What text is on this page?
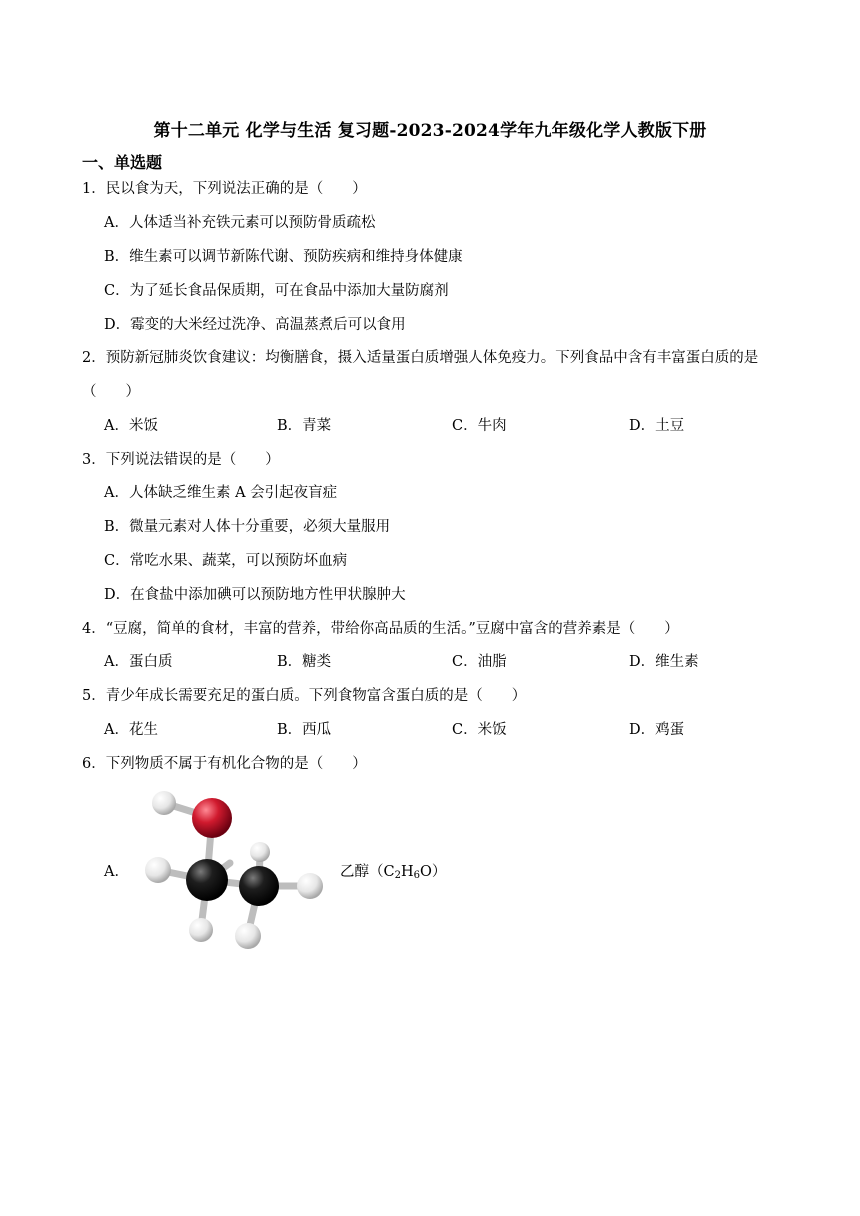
第十二单元 化学与生活 复习题-2023-2024学年九年级化学人教版下册
一、单选题
1．民以食为天，下列说法正确的是（　　）
A．人体适当补充铁元素可以预防骨质疏松
B．维生素可以调节新陈代谢、预防疾病和维持身体健康
C．为了延长食品保质期，可在食品中添加大量防腐剂
D．霉变的大米经过洗净、高温蒸煮后可以食用
2．预防新冠肺炎饮食建议：均衡膳食，摄入适量蛋白质增强人体免疫力。下列食品中含有丰富蛋白质的是（　　）
A．米饭	B．青菜	C．牛肉	D．土豆
3．下列说法错误的是（　　）
A．人体缺乏维生素 A 会引起夜盲症
B．微量元素对人体十分重要，必须大量服用
C．常吃水果、蔬菜，可以预防坏血病
D．在食盐中添加碘可以预防地方性甲状腺肿大
4．“豆腐，简单的食材，丰富的营养，带给你高品质的生活。”豆腐中富含的营养素是（　　）
A．蛋白质	B．糖类	C．油脂	D．维生素
5．青少年成长需要充足的蛋白质。下列食物富含蛋白质的是（　　）
A．花生	B．西瓜	C．米饭	D．鸡蛋
6．下列物质不属于有机化合物的是（　　）
A．	乙醇$(C_2H_6O)$
